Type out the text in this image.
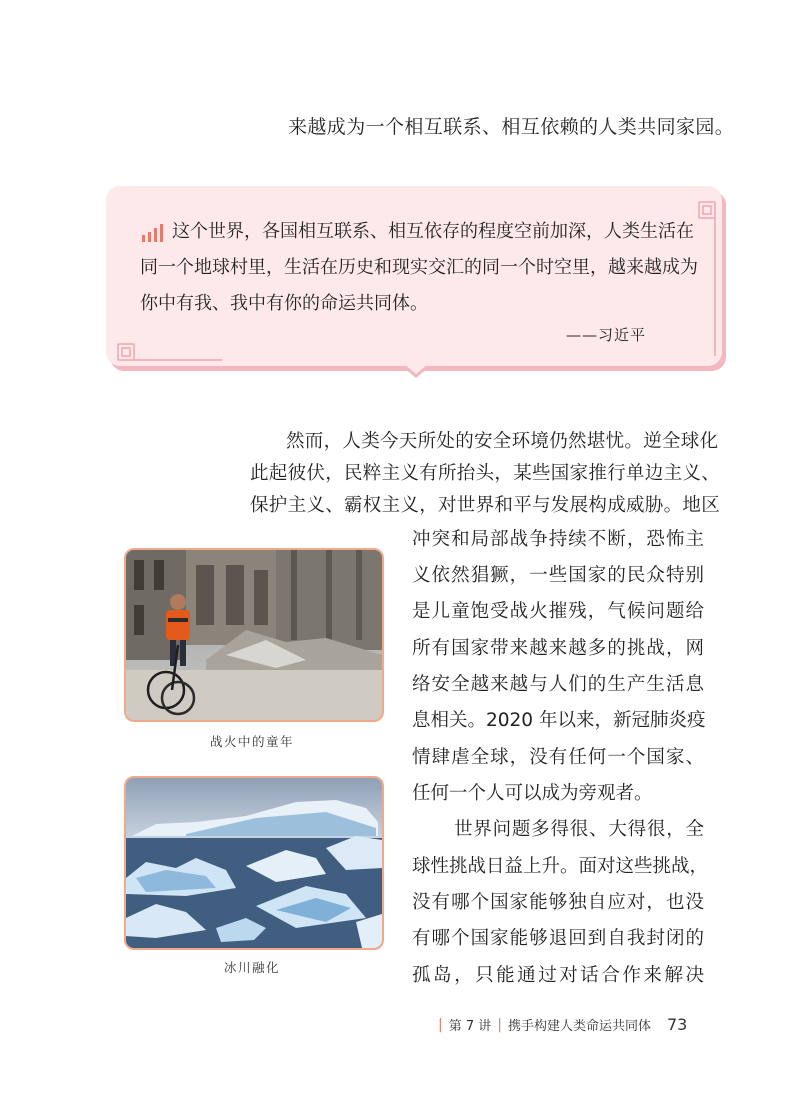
来越成为一个相互联系、相互依赖的人类共同家园。

这个世界，各国相互联系、相互依存的程度空前加深，人类生活在同一个地球村里，生活在历史和现实交汇的同一个时空里，越来越成为你中有我、我中有你的命运共同体。

——习近平
然而，人类今天所处的安全环境仍然堪忧。逆全球化
此起彼伏，民粹主义有所抬头，某些国家推行单边主义、
保护主义、霸权主义，对世界和平与发展构成威胁。地区
冲突和局部战争持续不断，恐怖主
义依然猖獗，一些国家的民众特别
是儿童饱受战火摧残，气候问题给
所有国家带来越来越多的挑战，网
络安全越来越与人们的生产生活息
息相关。2020 年以来，新冠肺炎疫
情肆虐全球，没有任何一个国家、
任何一个人可以成为旁观者。
世界问题多得很、大得很，全
球性挑战日益上升。面对这些挑战，
没有哪个国家能够独自应对，也没
有哪个国家能够退回到自我封闭的
孤岛，只能通过对话合作来解决
战火中的童年
冰川融化
| 第 7 讲 | 携手构建人类命运共同体 73
